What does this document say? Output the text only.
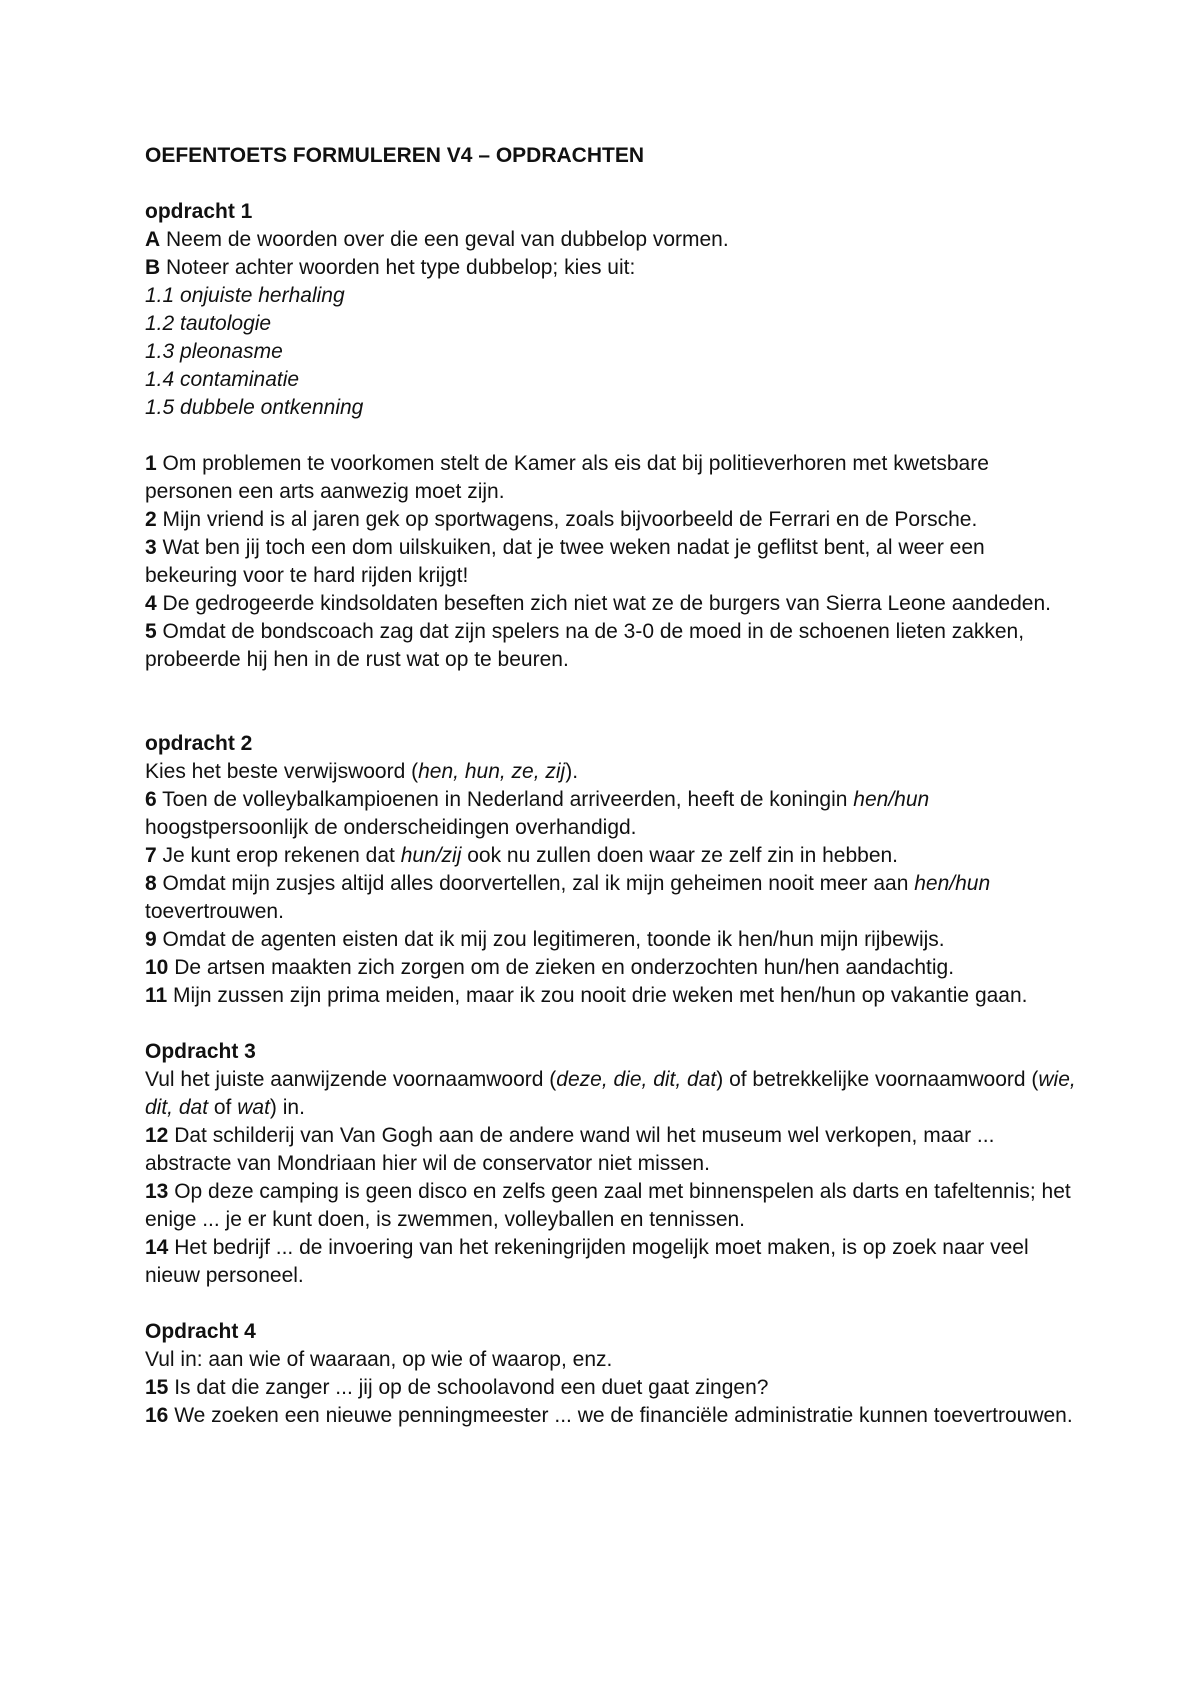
OEFENTOETS FORMULEREN V4 – OPDRACHTEN
opdracht 1
A Neem de woorden over die een geval van dubbelop vormen.
B Noteer achter woorden het type dubbelop; kies uit:
1.1 onjuiste herhaling
1.2 tautologie
1.3 pleonasme
1.4 contaminatie
1.5 dubbele ontkenning
1 Om problemen te voorkomen stelt de Kamer als eis dat bij politieverhoren met kwetsbare personen een arts aanwezig moet zijn.
2 Mijn vriend is al jaren gek op sportwagens, zoals bijvoorbeeld de Ferrari en de Porsche.
3 Wat ben jij toch een dom uilskuiken, dat je twee weken nadat je geflitst bent, al weer een bekeuring voor te hard rijden krijgt!
4 De gedrogeerde kindsoldaten beseften zich niet wat ze de burgers van Sierra Leone aandeden.
5 Omdat de bondscoach zag dat zijn spelers na de 3-0 de moed in de schoenen lieten zakken, probeerde hij hen in de rust wat op te beuren.
opdracht 2
Kies het beste verwijswoord (hen, hun, ze, zij).
6 Toen de volleybalkampioenen in Nederland arriveerden, heeft de koningin hen/hun hoogstpersoonlijk de onderscheidingen overhandigd.
7 Je kunt erop rekenen dat hun/zij ook nu zullen doen waar ze zelf zin in hebben.
8 Omdat mijn zusjes altijd alles doorvertellen, zal ik mijn geheimen nooit meer aan hen/hun toevertrouwen.
9 Omdat de agenten eisten dat ik mij zou legitimeren, toonde ik hen/hun mijn rijbewijs.
10 De artsen maakten zich zorgen om de zieken en onderzochten hun/hen aandachtig.
11 Mijn zussen zijn prima meiden, maar ik zou nooit drie weken met hen/hun op vakantie gaan.
Opdracht 3
Vul het juiste aanwijzende voornaamwoord (deze, die, dit, dat) of betrekkelijke voornaamwoord (wie, dit, dat of wat) in.
12 Dat schilderij van Van Gogh aan de andere wand wil het museum wel verkopen, maar ... abstracte van Mondriaan hier wil de conservator niet missen.
13 Op deze camping is geen disco en zelfs geen zaal met binnenspelen als darts en tafeltennis; het enige ... je er kunt doen, is zwemmen, volleyballen en tennissen.
14 Het bedrijf ... de invoering van het rekeningrijden mogelijk moet maken, is op zoek naar veel nieuw personeel.
Opdracht 4
Vul in: aan wie of waaraan, op wie of waarop, enz.
15 Is dat die zanger ... jij op de schoolavond een duet gaat zingen?
16 We zoeken een nieuwe penningmeester ... we de financiële administratie kunnen toevertrouwen.
